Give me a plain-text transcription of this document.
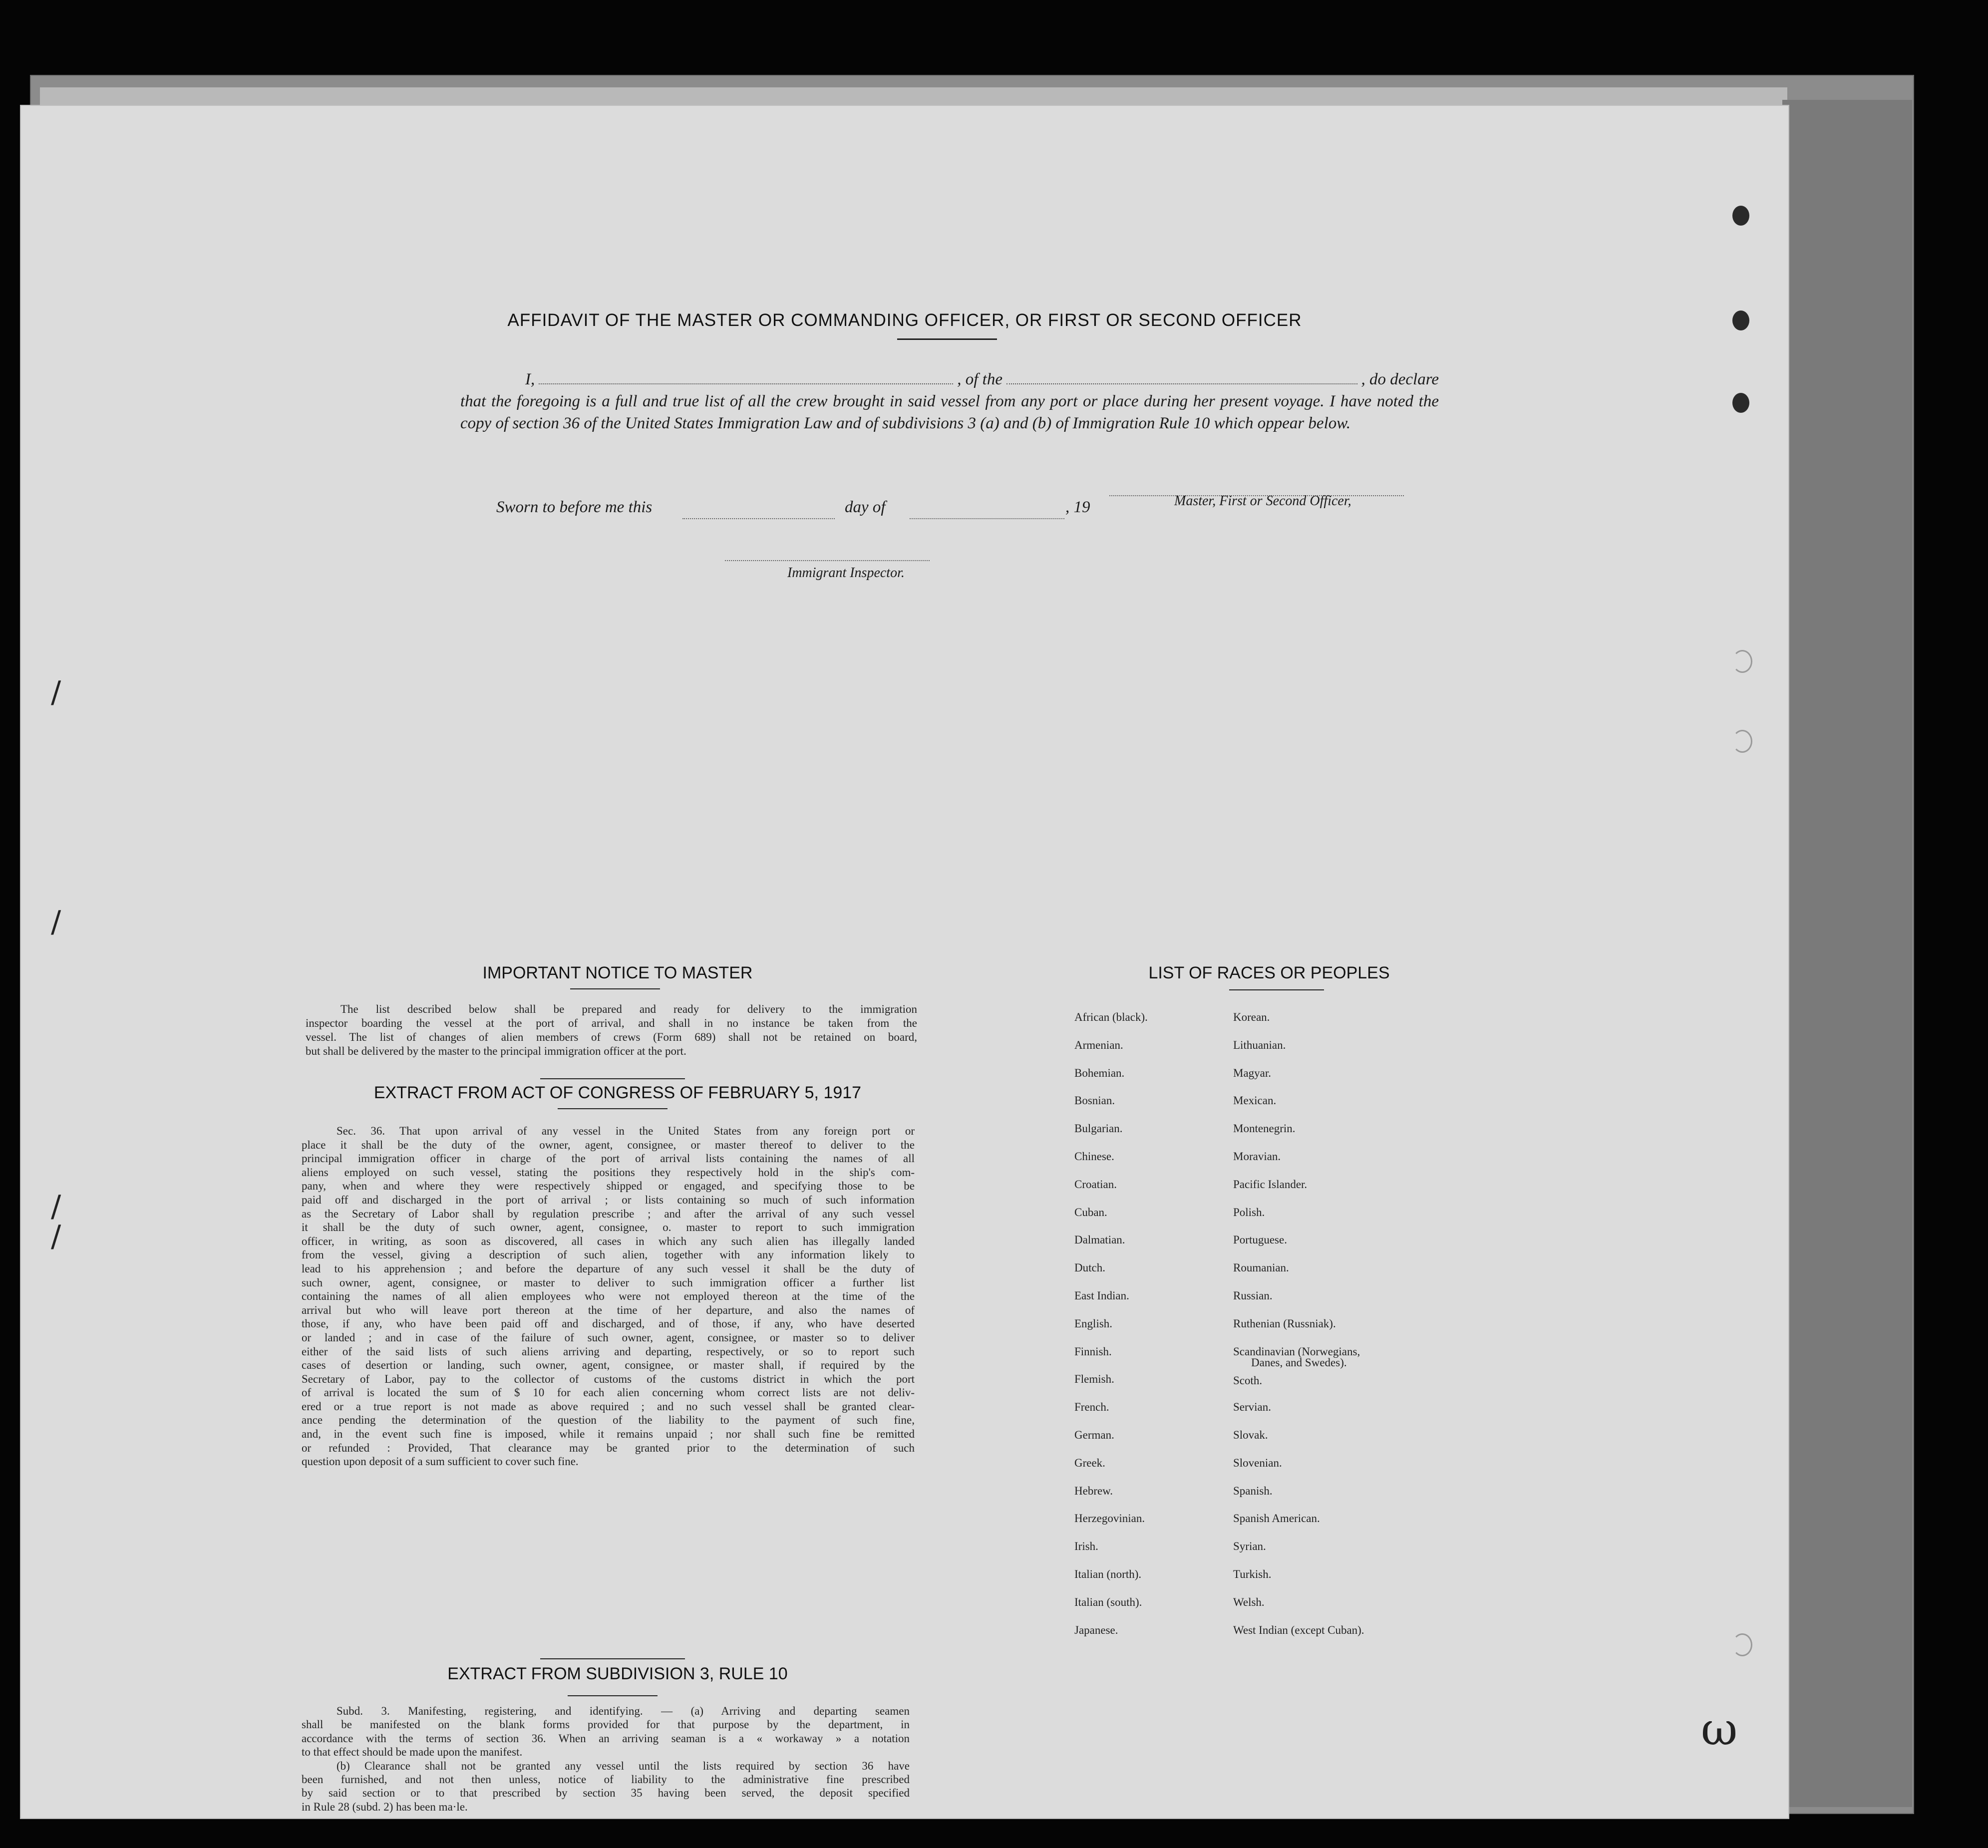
AFFIDAVIT OF THE MASTER OR COMMANDING OFFICER, OR FIRST OR SECOND OFFICER
I,	, of the	, do declare
that the foregoing is a full and true list of all the crew brought in said vessel from any port or place during her present voyage. I have noted the copy of section 36 of the United States Immigration Law and of subdivisions 3 (a) and (b) of Immigration Rule 10 which oppear below.
Master, First or Second Officer,
Sworn to before me this	day of	, 19
Immigrant Inspector.
IMPORTANT NOTICE TO MASTER
The list described below shall be prepared and ready for delivery to the immigration
inspector boarding the vessel at the port of arrival, and shall in no instance be taken from the
vessel. The list of changes of alien members of crews (Form 689) shall not be retained on board,
but shall be delivered by the master to the principal immigration officer at the port.
EXTRACT FROM ACT OF CONGRESS OF FEBRUARY 5, 1917
Sec. 36. That upon arrival of any vessel in the United States from any foreign port or
place it shall be the duty of the owner, agent, consignee, or master thereof to deliver to the
principal immigration officer in charge of the port of arrival lists containing the names of all
aliens employed on such vessel, stating the positions they respectively hold in the ship's com-
pany, when and where they were respectively shipped or engaged, and specifying those to be
paid off and discharged in the port of arrival ; or lists containing so much of such information
as the Secretary of Labor shall by regulation prescribe ; and after the arrival of any such vessel
it shall be the duty of such owner, agent, consignee, o. master to report to such immigration
officer, in writing, as soon as discovered, all cases in which any such alien has illegally landed
from the vessel, giving a description of such alien, together with any information likely to
lead to his apprehension ; and before the departure of any such vessel it shall be the duty of
such owner, agent, consignee, or master to deliver to such immigration officer a further list
containing the names of all alien employees who were not employed thereon at the time of the
arrival but who will leave port thereon at the time of her departure, and also the names of
those, if any, who have been paid off and discharged, and of those, if any, who have deserted
or landed ; and in case of the failure of such owner, agent, consignee, or master so to deliver
either of the said lists of such aliens arriving and departing, respectively, or so to report such
cases of desertion or landing, such owner, agent, consignee, or master shall, if required by the
Secretary of Labor, pay to the collector of customs of the customs district in which the port
of arrival is located the sum of $ 10 for each alien concerning whom correct lists are not deliv-
ered or a true report is not made as above required ; and no such vessel shall be granted clear-
ance pending the determination of the question of the liability to the payment of such fine,
and, in the event such fine is imposed, while it remains unpaid ; nor shall such fine be remitted
or refunded : Provided, That clearance may be granted prior to the determination of such
question upon deposit of a sum sufficient to cover such fine.
EXTRACT FROM SUBDIVISION 3, RULE 10
Subd. 3. Manifesting, registering, and identifying. — (a) Arriving and departing seamen
shall be manifested on the blank forms provided for that purpose by the department, in
accordance with the terms of section 36. When an arriving seaman is a « workaway » a notation
to that effect should be made upon the manifest.
(b) Clearance shall not be granted any vessel until the lists required by section 36 have
been furnished, and not then unless, notice of liability to the administrative fine prescribed
by said section or to that prescribed by section 35 having been served, the deposit specified
in Rule 28 (subd. 2) has been ma·le.
LIST OF RACES OR PEOPLES
African (black).
Armenian.
Bohemian.
Bosnian.
Bulgarian.
Chinese.
Croatian.
Cuban.
Dalmatian.
Dutch.
East Indian.
English.
Finnish.
Flemish.
French.
German.
Greek.
Hebrew.
Herzegovinian.
Irish.
Italian (north).
Italian (south).
Japanese.
Korean.
Lithuanian.
Magyar.
Mexican.
Montenegrin.
Moravian.
Pacific Islander.
Polish.
Portuguese.
Roumanian.
Russian.
Ruthenian (Russniak).
Scandinavian (Norwegians,
Danes, and Swedes).
Scoth.
Servian.
Slovak.
Slovenian.
Spanish.
Spanish American.
Syrian.
Turkish.
Welsh.
West Indian (except Cuban).
/
/
/
/
ω
